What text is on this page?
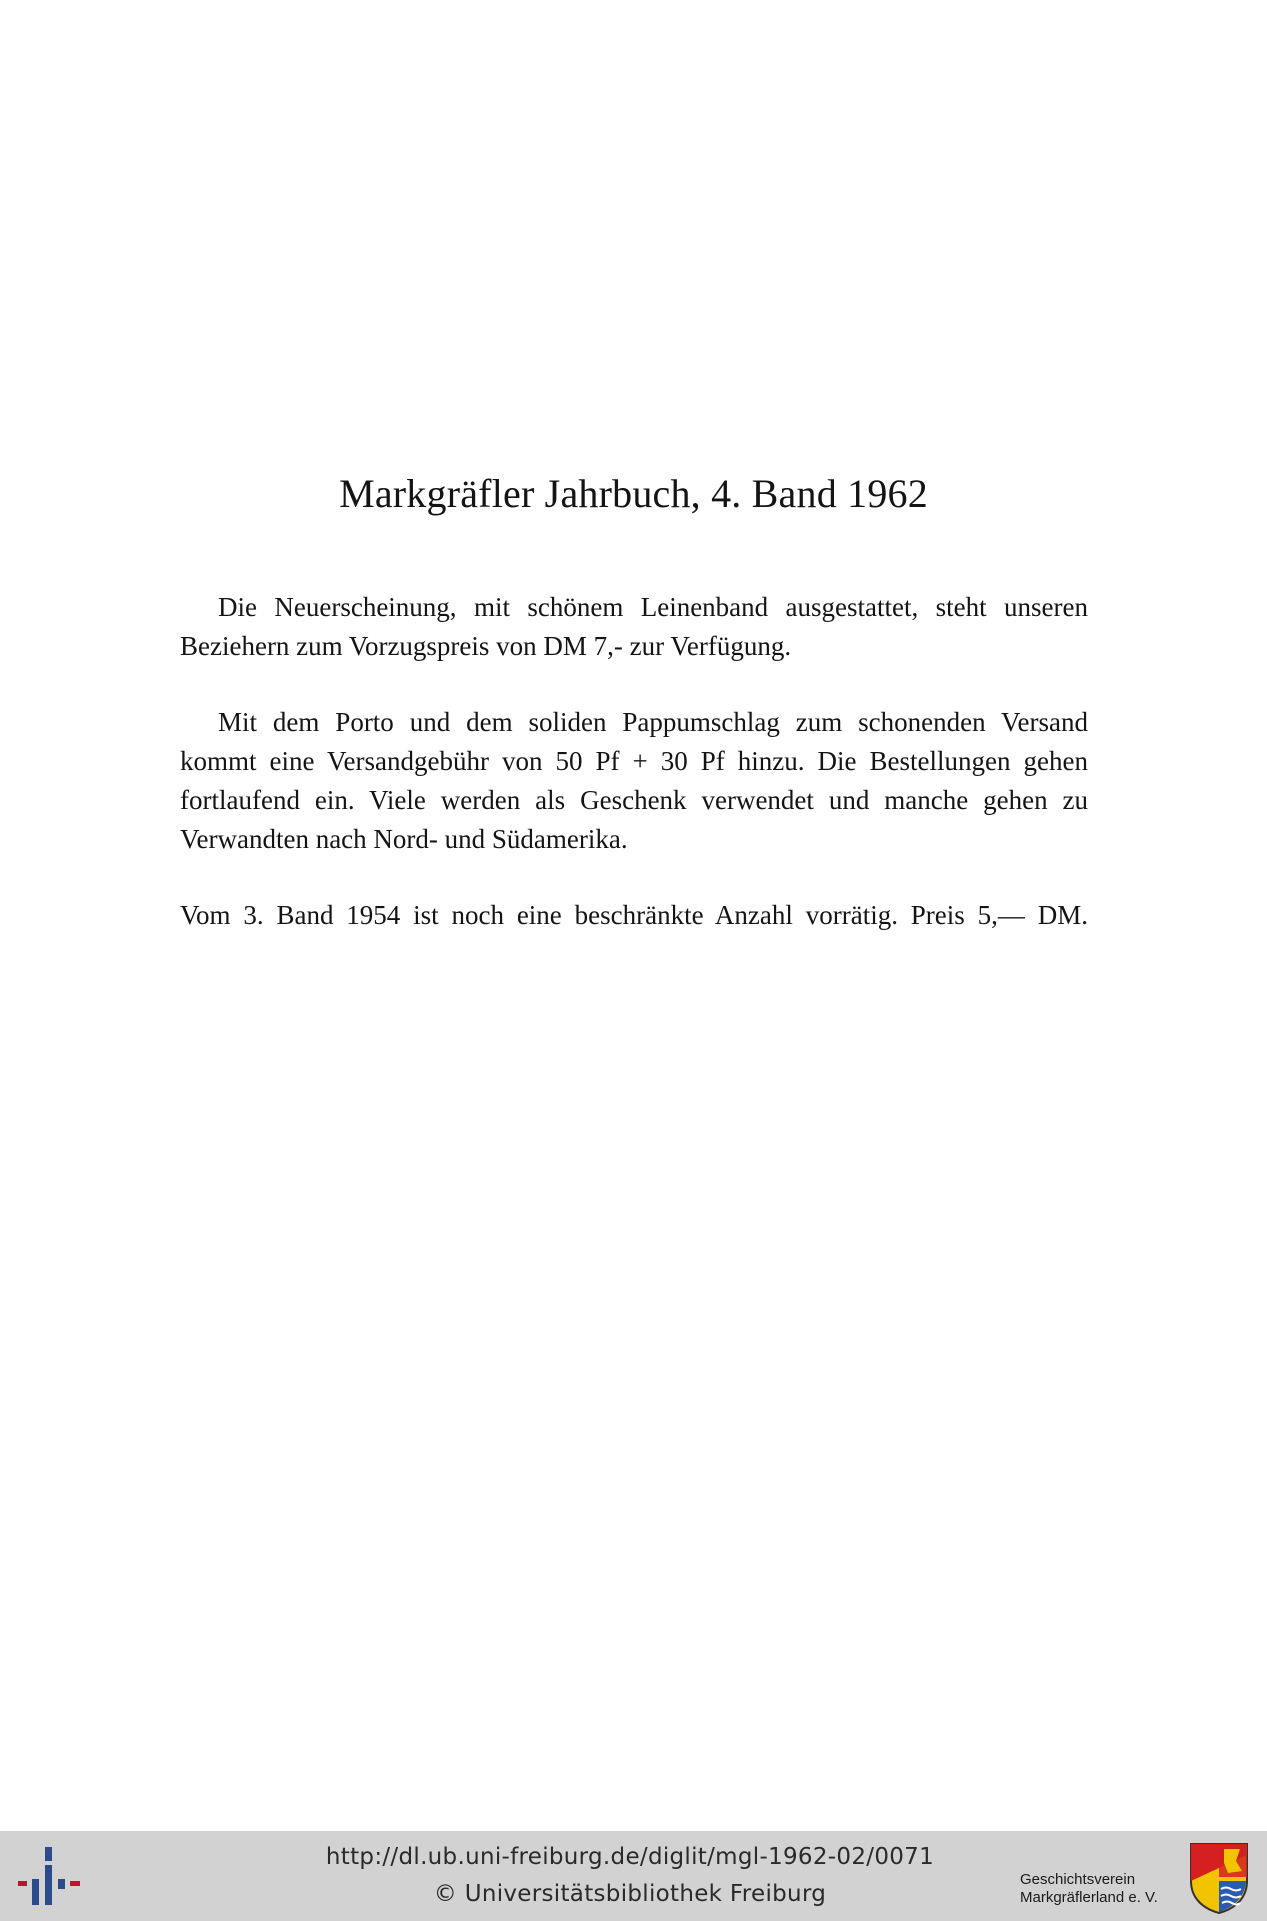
Markgräfler Jahrbuch, 4. Band 1962

Die Neuerscheinung, mit schönem Leinenband ausgestattet, steht unseren Beziehern zum Vorzugspreis von DM 7,- zur Verfügung.

Mit dem Porto und dem soliden Pappumschlag zum schonenden Versand kommt eine Versandgebühr von 50 Pf + 30 Pf hinzu. Die Bestellungen gehen fortlaufend ein. Viele werden als Geschenk verwendet und manche gehen zu Verwandten nach Nord- und Südamerika.

Vom 3. Band 1954 ist noch eine beschränkte Anzahl vorrätig. Preis 5,— DM.

http://dl.ub.uni-freiburg.de/diglit/mgl-1962-02/0071
© Universitätsbibliothek Freiburg
Geschichtsverein
Markgräflerland e. V.
